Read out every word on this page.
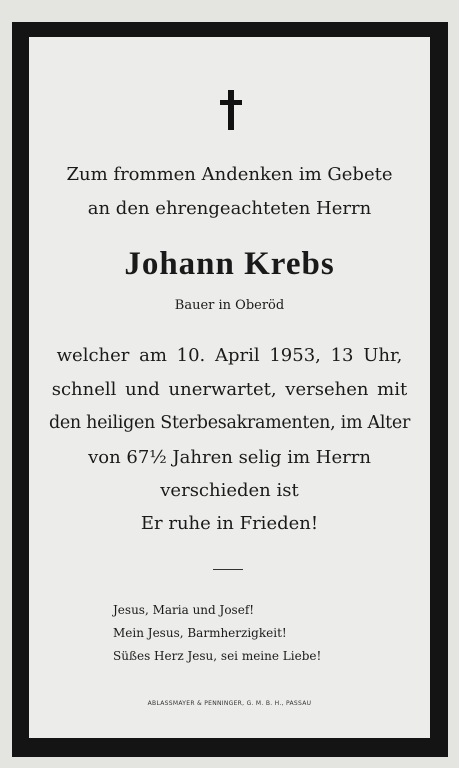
Zum frommen Andenken im Gebete
an den ehrengeachteten Herrn
Johann Krebs
Bauer in Oberöd
welcher am 10. April 1953, 13 Uhr,
schnell und unerwartet, versehen mit
den heiligen Sterbesakramenten, im Alter
von 67½ Jahren selig im Herrn
verschieden ist
Er ruhe in Frieden!
Jesus, Maria und Josef!
Mein Jesus, Barmherzigkeit!
Süßes Herz Jesu, sei meine Liebe!
ABLASSMAYER & PENNINGER, G. M. B. H., PASSAU
